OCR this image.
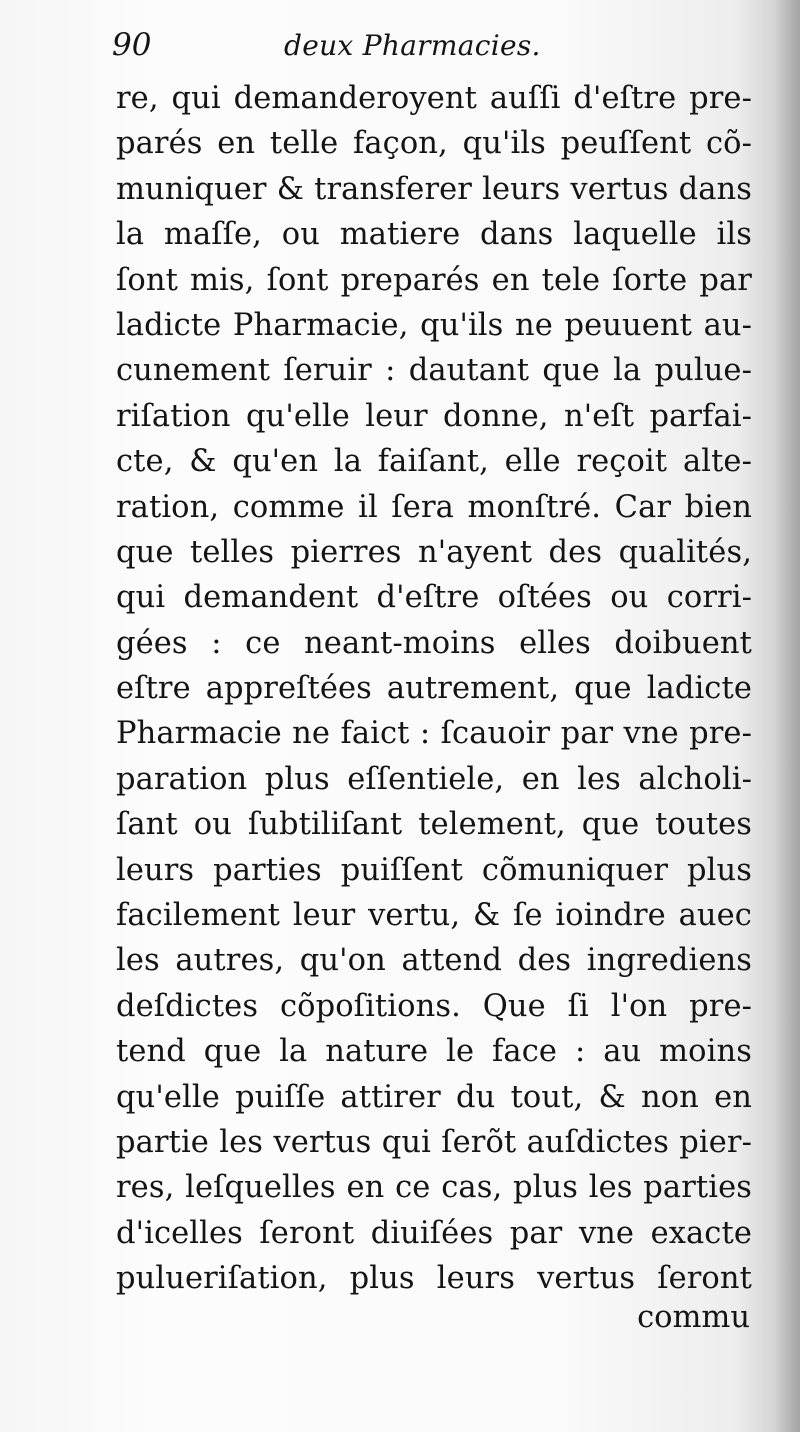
90	deux Pharmacies.
re, qui demanderoyent auſſi d'eſtre pre-
parés en telle façon, qu'ils peuſſent cõ-
muniquer & transferer leurs vertus dans
la maſſe, ou matiere dans laquelle ils
ſont mis, ſont preparés en tele ſorte par
ladicte Pharmacie, qu'ils ne peuuent au-
cunement ſeruir : dautant que la pulue-
riſation qu'elle leur donne, n'eſt parfai-
cte, & qu'en la faiſant, elle reçoit alte-
ration, comme il ſera monſtré. Car bien
que telles pierres n'ayent des qualités,
qui demandent d'eſtre oſtées ou corri-
gées : ce neant-moins elles doibuent
eſtre appreſtées autrement, que ladicte
Pharmacie ne faict : ſcauoir par vne pre-
paration plus eſſentiele, en les alcholi-
ſant ou ſubtiliſant telement, que toutes
leurs parties puiſſent cõmuniquer plus
facilement leur vertu, & ſe ioindre auec
les autres, qu'on attend des ingrediens
deſdictes cõpoſitions. Que ſi l'on pre-
tend que la nature le face : au moins
qu'elle puiſſe attirer du tout, & non en
partie les vertus qui ſerõt auſdictes pier-
res, leſquelles en ce cas, plus les parties
d'icelles ſeront diuiſées par vne exacte
pulueriſation, plus leurs vertus ſeront
commu
